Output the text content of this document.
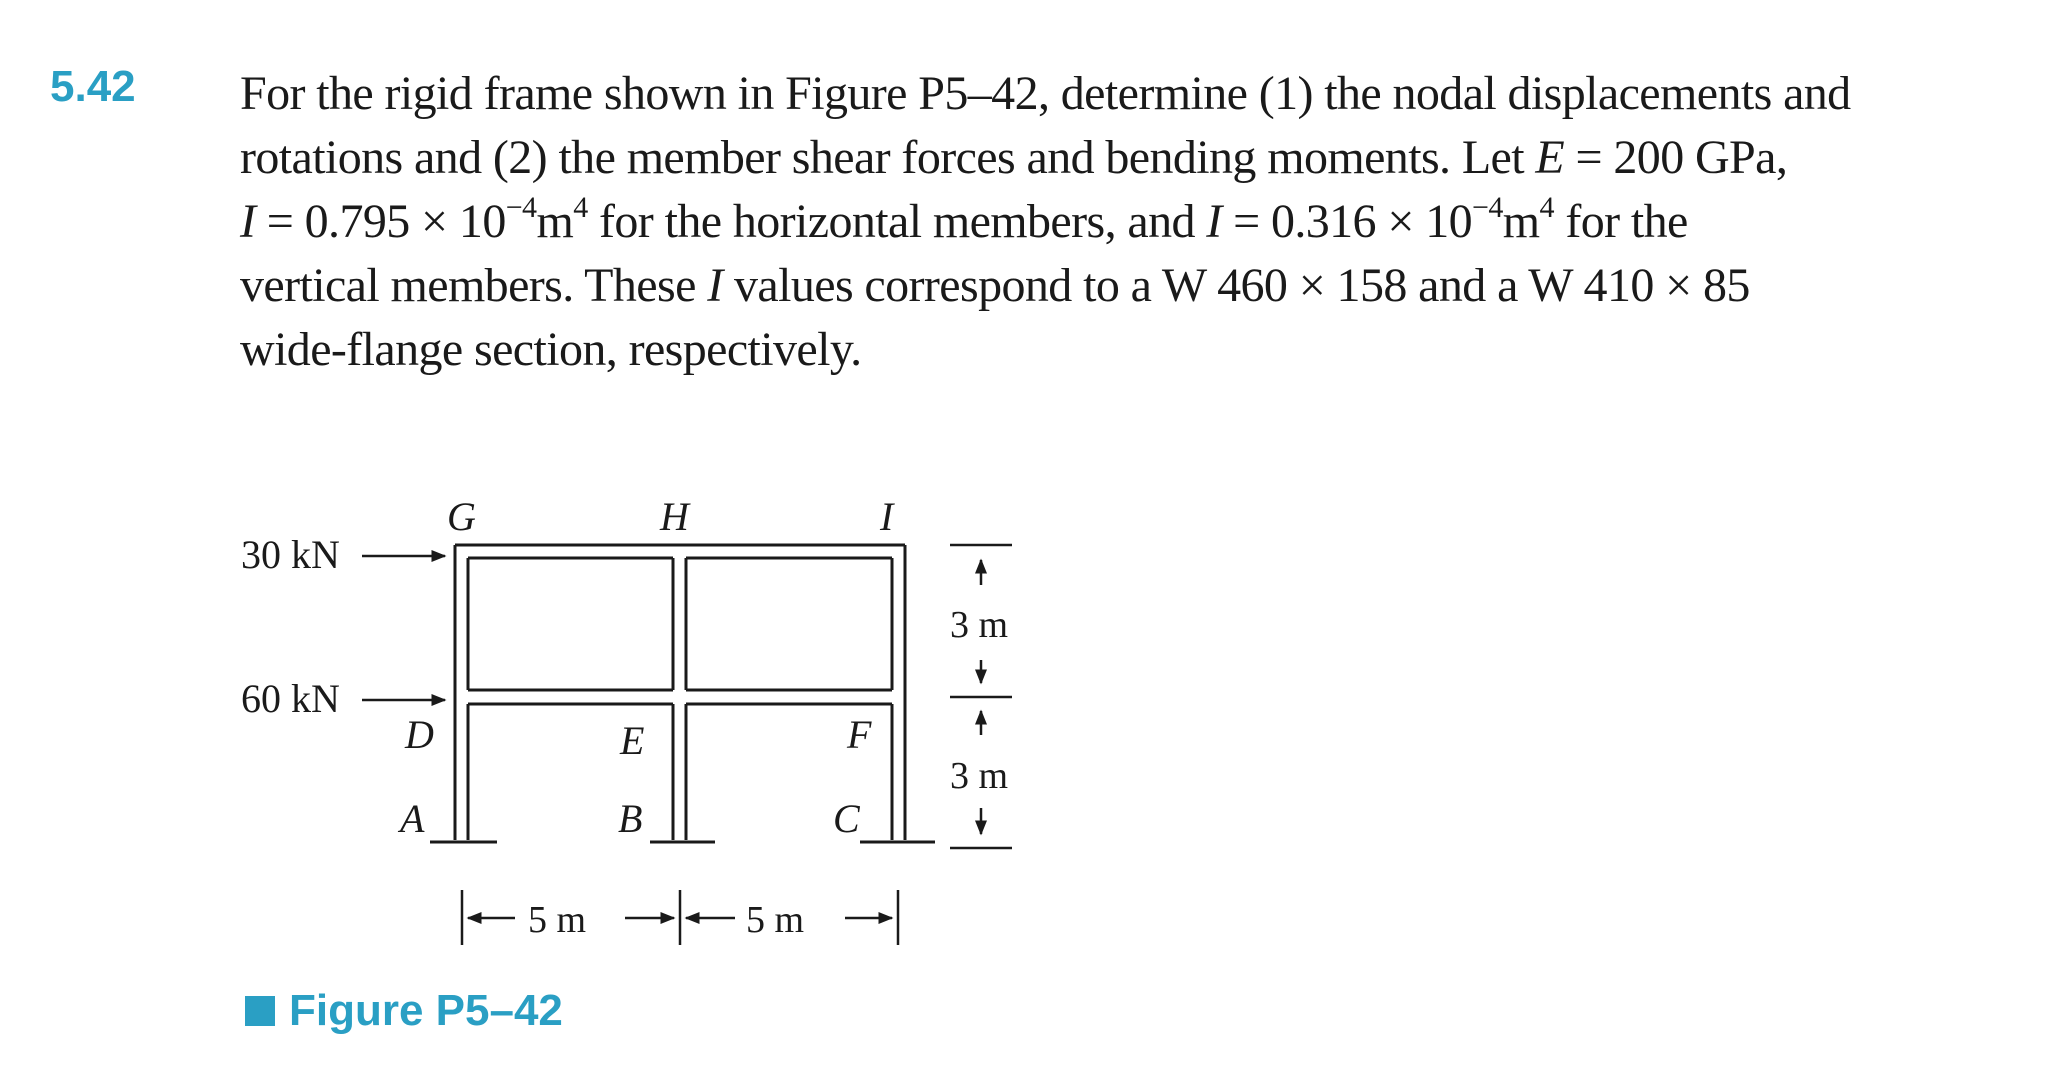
5.42 For the rigid frame shown in Figure P5–42, determine (1) the nodal displacements and
rotations and (2) the member shear forces and bending moments. Let E = 200 GPa,
$I = 0.795 \times 10^{-4}m^4$ for the horizontal members, and $I = 0.316 \times 10^{-4}m^4$ for the
vertical members. These I values correspond to a W 460 × 158 and a W 410 × 85
wide-flange section, respectively.
30 kN
60 kN
G	H	I
D	E	F
A	B	C
3 m
3 m
5 m	5 m
Figure P5–42
